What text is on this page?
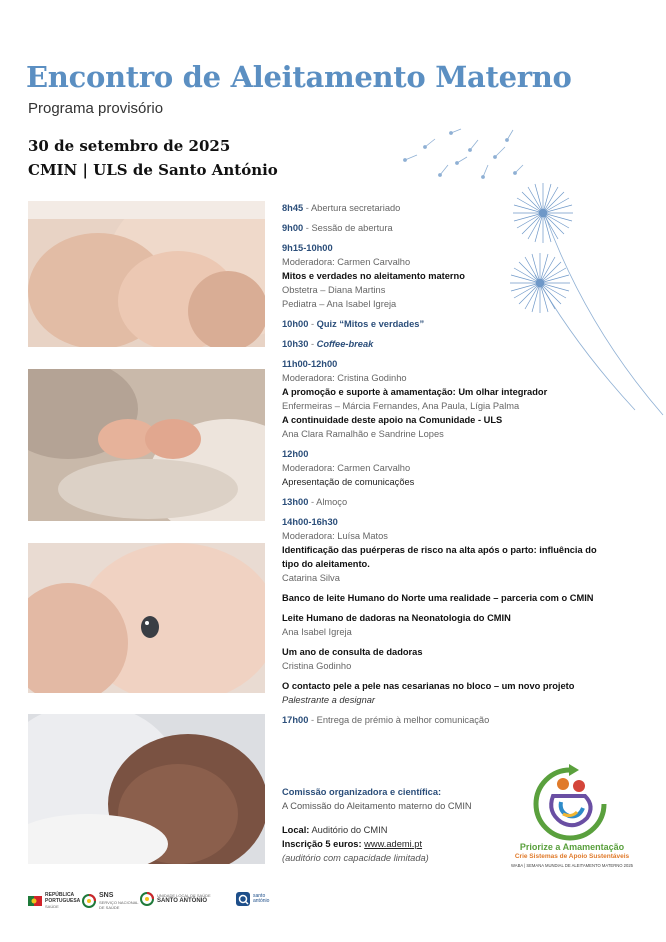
Encontro de Aleitamento Materno
Programa provisório
30 de setembro de 2025
CMIN | ULS de Santo António
8h45 - Abertura secretariado
9h00 - Sessão de abertura
9h15-10h00
Moderadora: Carmen Carvalho
Mitos e verdades no aleitamento materno
Obstetra – Diana Martins
Pediatra – Ana Isabel Igreja
10h00 - Quiz “Mitos e verdades”
10h30 - Coffee-break
11h00-12h00
Moderadora: Cristina Godinho
A promoção e suporte à amamentação: Um olhar integrador
Enfermeiras – Márcia Fernandes, Ana Paula, Lígia Palma
A continuidade deste apoio na Comunidade - ULS
Ana Clara Ramalhão e Sandrine Lopes
12h00
Moderadora: Carmen Carvalho
Apresentação de comunicações
13h00 - Almoço
14h00-16h30
Moderadora: Luísa Matos
Identificação das puérperas de risco na alta após o parto: influência do tipo do aleitamento.
Catarina Silva
Banco de leite Humano do Norte uma realidade – parceria com o CMIN
Leite Humano de dadoras na Neonatologia do CMIN
Ana Isabel Igreja
Um ano de consulta de dadoras
Cristina Godinho
O contacto pele a pele nas cesarianas no bloco – um novo projeto
Palestrante a designar
17h00 - Entrega de prémio à melhor comunicação
Comissão organizadora e científica:
A Comissão do Aleitamento materno do CMIN
Local: Auditório do CMIN
Inscrição 5 euros: www.ademi.pt
(auditório com capacidade limitada)
Priorize a Amamentação
Crie Sistemas de Apoio Sustentáveis
WABA | SEMANA MUNDIAL DE ALEITAMENTO MATERNO 2025
REPÚBLICA
PORTUGUESA
SAÚDE
SNS
SERVIÇO NACIONAL
DE SAÚDE
UNIDADE LOCAL DE SAÚDE
SANTO ANTÓNIO
santo
antónio
